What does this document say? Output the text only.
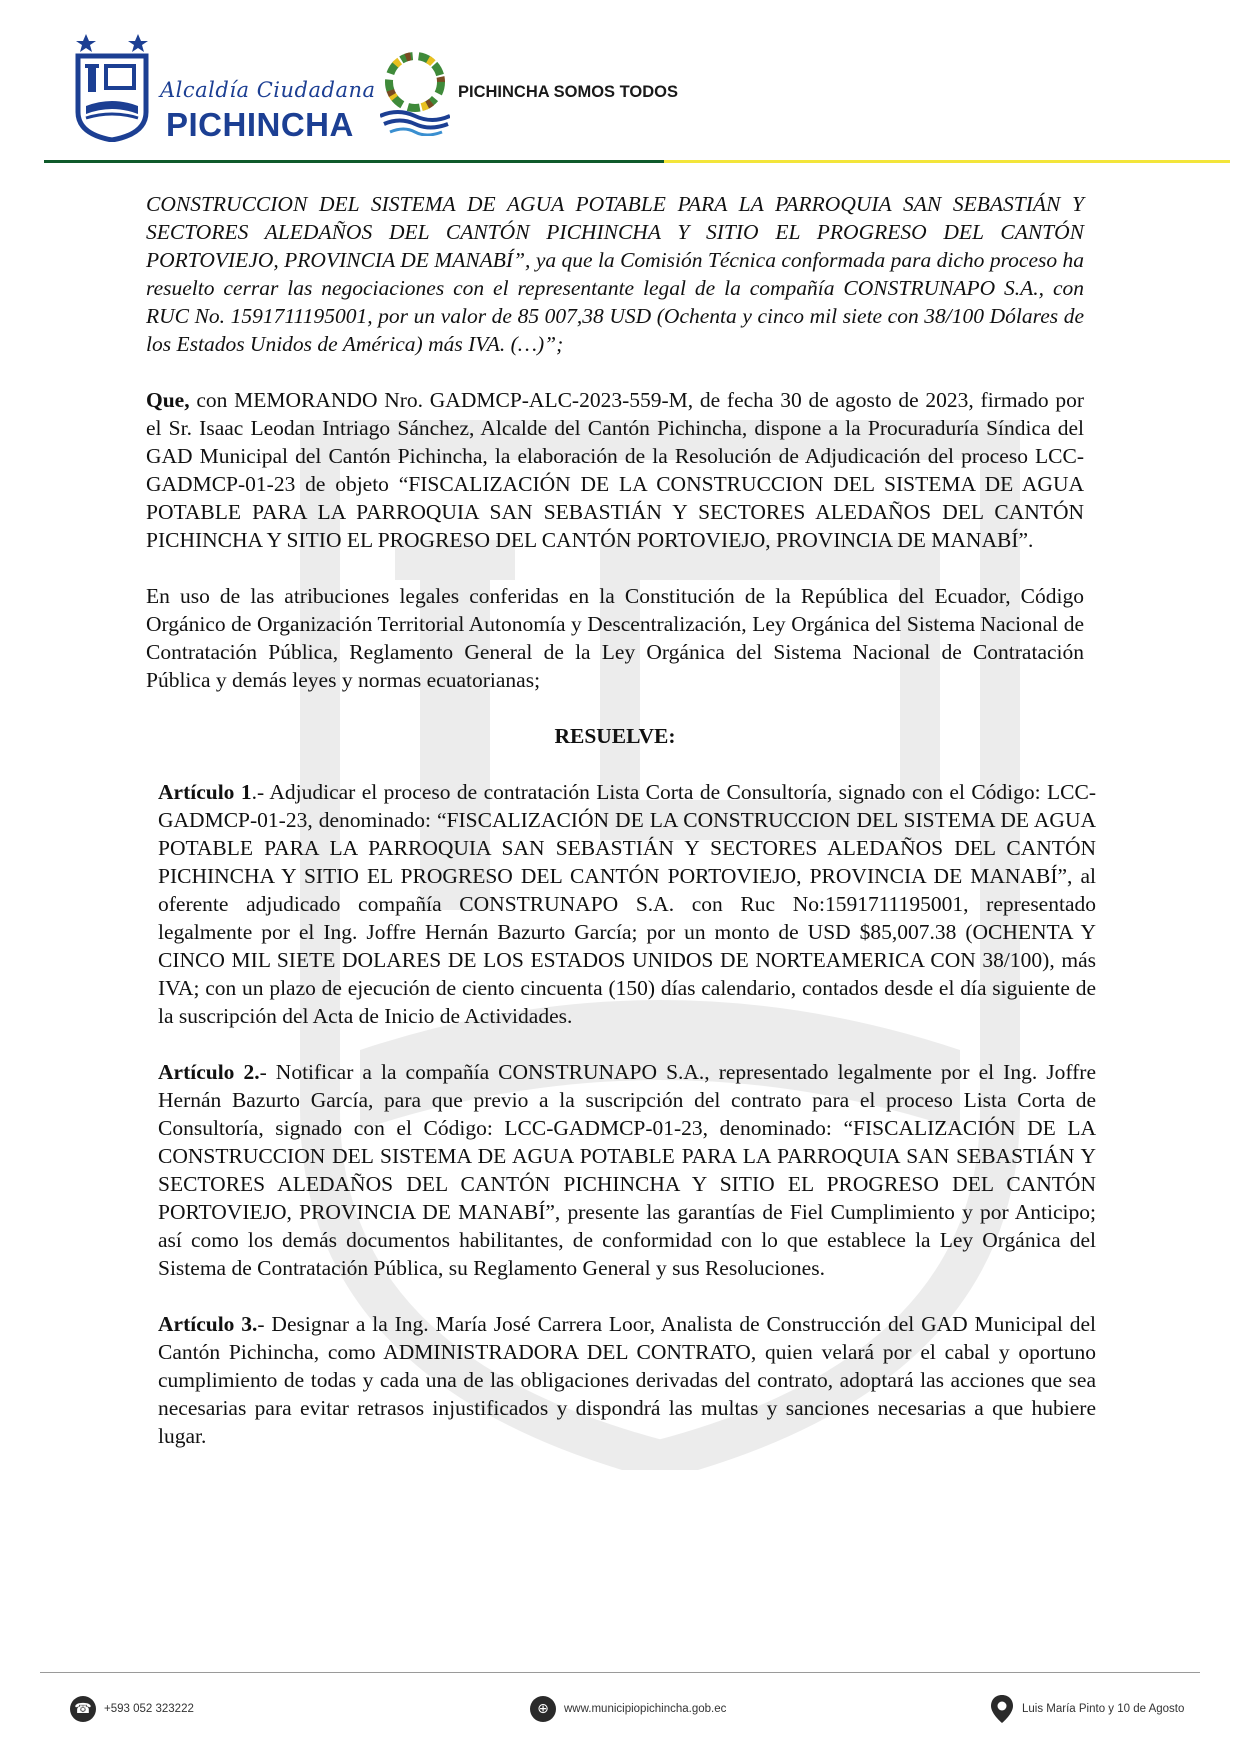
Alcaldía Ciudadana
PICHINCHA
PICHINCHA SOMOS TODOS

CONSTRUCCION DEL SISTEMA DE AGUA POTABLE PARA LA PARROQUIA SAN SEBASTIÁN Y SECTORES ALEDAÑOS DEL CANTÓN PICHINCHA Y SITIO EL PROGRESO DEL CANTÓN PORTOVIEJO, PROVINCIA DE MANABÍ”, ya que la Comisión Técnica conformada para dicho proceso ha resuelto cerrar las negociaciones con el representante legal de la compañía CONSTRUNAPO S.A., con RUC No. 1591711195001, por un valor de 85 007,38 USD (Ochenta y cinco mil siete con 38/100 Dólares de los Estados Unidos de América) más IVA. (…)”;

Que, con MEMORANDO Nro. GADMCP-ALC-2023-559-M, de fecha 30 de agosto de 2023, firmado por el Sr. Isaac Leodan Intriago Sánchez, Alcalde del Cantón Pichincha, dispone a la Procuraduría Síndica del GAD Municipal del Cantón Pichincha, la elaboración de la Resolución de Adjudicación del proceso LCC-GADMCP-01-23 de objeto “FISCALIZACIÓN DE LA CONSTRUCCION DEL SISTEMA DE AGUA POTABLE PARA LA PARROQUIA SAN SEBASTIÁN Y SECTORES ALEDAÑOS DEL CANTÓN PICHINCHA Y SITIO EL PROGRESO DEL CANTÓN PORTOVIEJO, PROVINCIA DE MANABÍ”.

En uso de las atribuciones legales conferidas en la Constitución de la República del Ecuador, Código Orgánico de Organización Territorial Autonomía y Descentralización, Ley Orgánica del Sistema Nacional de Contratación Pública, Reglamento General de la Ley Orgánica del Sistema Nacional de Contratación Pública y demás leyes y normas ecuatorianas;

RESUELVE:

Artículo 1.- Adjudicar el proceso de contratación Lista Corta de Consultoría, signado con el Código: LCC-GADMCP-01-23, denominado: “FISCALIZACIÓN DE LA CONSTRUCCION DEL SISTEMA DE AGUA POTABLE PARA LA PARROQUIA SAN SEBASTIÁN Y SECTORES ALEDAÑOS DEL CANTÓN PICHINCHA Y SITIO EL PROGRESO DEL CANTÓN PORTOVIEJO, PROVINCIA DE MANABÍ”, al oferente adjudicado compañía CONSTRUNAPO S.A. con Ruc No:1591711195001, representado legalmente por el Ing. Joffre Hernán Bazurto García; por un monto de USD $85,007.38 (OCHENTA Y CINCO MIL SIETE DOLARES DE LOS ESTADOS UNIDOS DE NORTEAMERICA CON 38/100), más IVA; con un plazo de ejecución de ciento cincuenta (150) días calendario, contados desde el día siguiente de la suscripción del Acta de Inicio de Actividades.

Artículo 2.- Notificar a la compañía CONSTRUNAPO S.A., representado legalmente por el Ing. Joffre Hernán Bazurto García, para que previo a la suscripción del contrato para el proceso Lista Corta de Consultoría, signado con el Código: LCC-GADMCP-01-23, denominado: “FISCALIZACIÓN DE LA CONSTRUCCION DEL SISTEMA DE AGUA POTABLE PARA LA PARROQUIA SAN SEBASTIÁN Y SECTORES ALEDAÑOS DEL CANTÓN PICHINCHA Y SITIO EL PROGRESO DEL CANTÓN PORTOVIEJO, PROVINCIA DE MANABÍ”, presente las garantías de Fiel Cumplimiento y por Anticipo; así como los demás documentos habilitantes, de conformidad con lo que establece la Ley Orgánica del Sistema de Contratación Pública, su Reglamento General y sus Resoluciones.

Artículo 3.- Designar a la Ing. María José Carrera Loor, Analista de Construcción del GAD Municipal del Cantón Pichincha, como ADMINISTRADORA DEL CONTRATO, quien velará por el cabal y oportuno cumplimiento de todas y cada una de las obligaciones derivadas del contrato, adoptará las acciones que sea necesarias para evitar retrasos injustificados y dispondrá las multas y sanciones necesarias a que hubiere lugar.

☎	+593 052 323222	⊕	www.municipiopichincha.gob.ec	Luis María Pinto y 10 de Agosto
